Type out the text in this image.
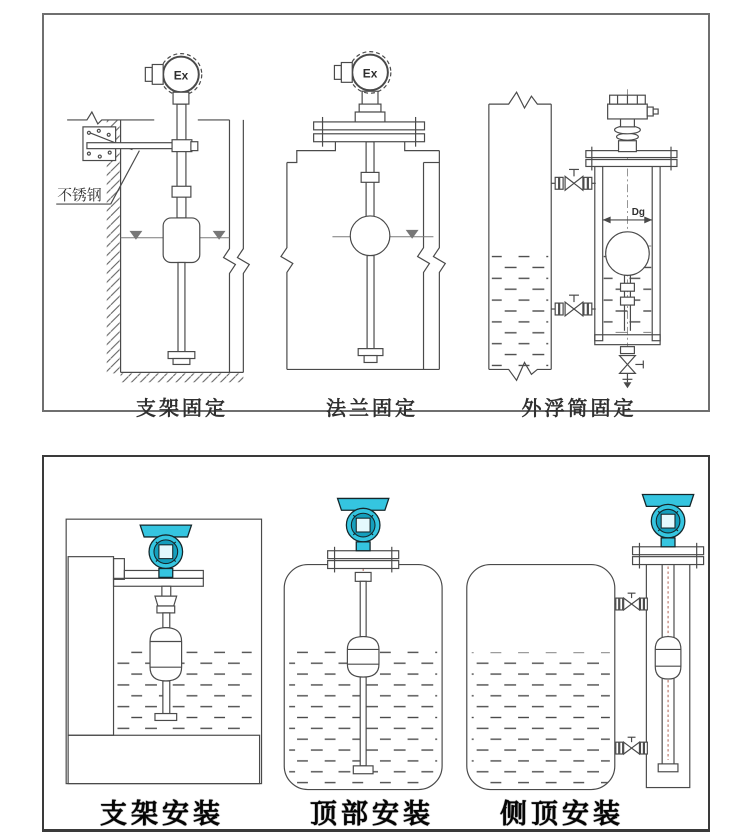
Ex
不锈钢
Ex
Dg
支架固定	法兰固定	外浮筒固定
支架安装	顶部安装	侧顶安装
